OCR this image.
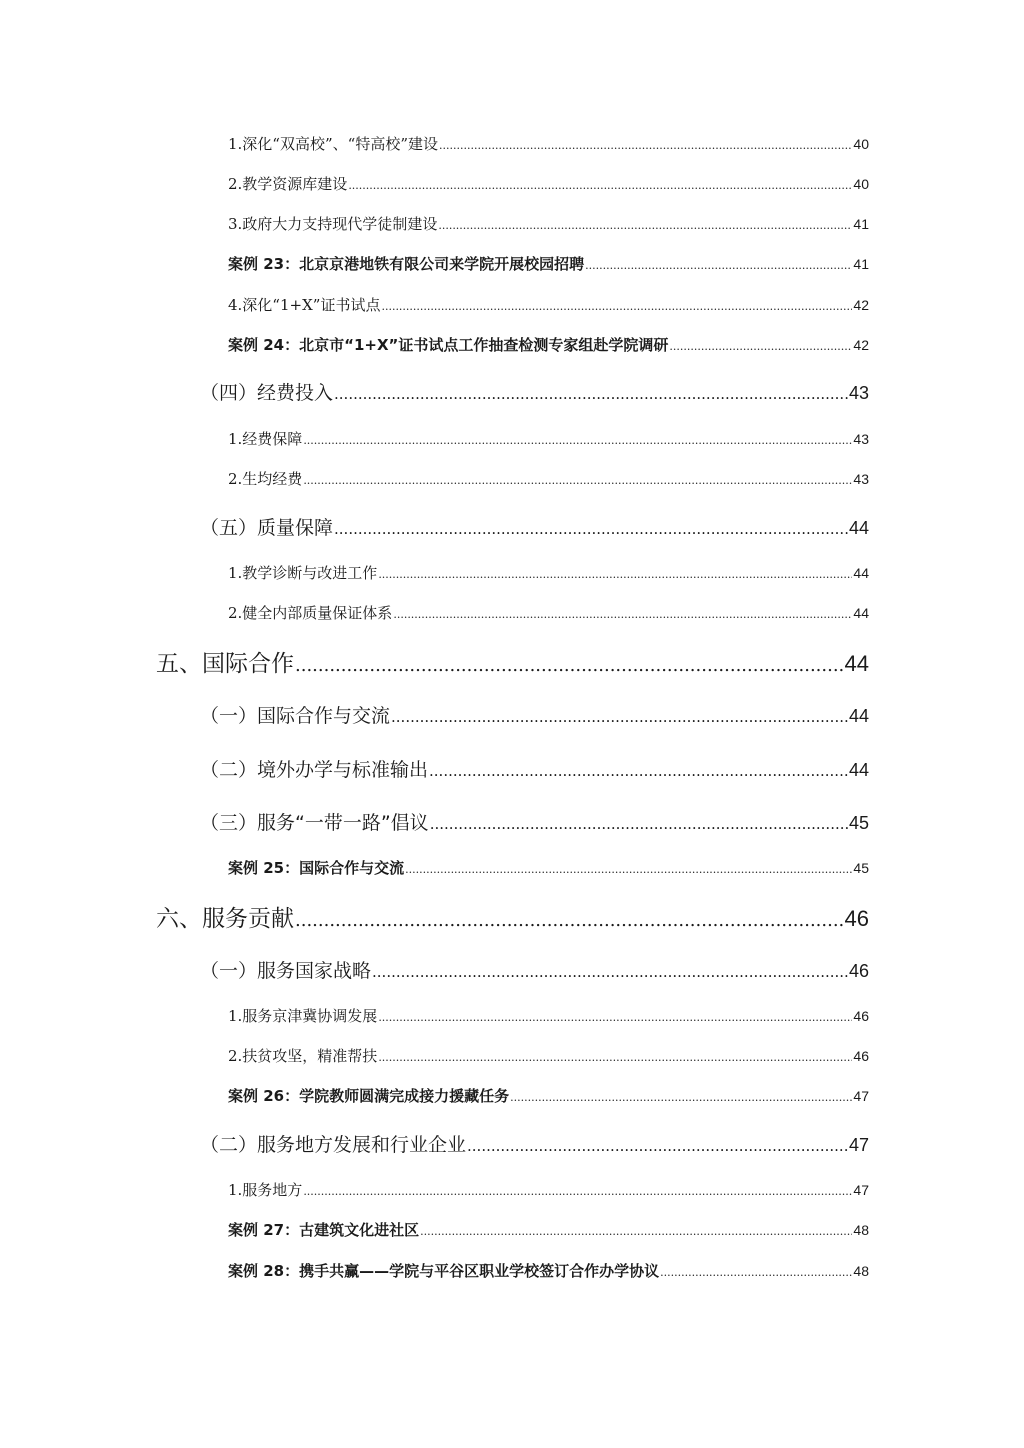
1.深化“双高校”、“特高校”建设 .....	40
2.教学资源库建设 .....	40
3.政府大力支持现代学徒制建设 .....	41
案例 23：北京京港地铁有限公司来学院开展校园招聘 .....	41
4.深化“1+X”证书试点 .....	42
案例 24：北京市“1+X”证书试点工作抽查检测专家组赴学院调研 .....	42
（四）经费投入 .....	43
1.经费保障 .....	43
2.生均经费 .....	43
（五）质量保障 .....	44
1.教学诊断与改进工作 .....	44
2.健全内部质量保证体系 .....	44
五、国际合作 .....	44
（一）国际合作与交流 .....	44
（二）境外办学与标准输出 .....	44
（三）服务“一带一路”倡议 .....	45
案例 25：国际合作与交流 .....	45
六、服务贡献 .....	46
（一）服务国家战略 .....	46
1.服务京津冀协调发展 .....	46
2.扶贫攻坚，精准帮扶 .....	46
案例 26：学院教师圆满完成接力援藏任务 .....	47
（二）服务地方发展和行业企业 .....	47
1.服务地方 .....	47
案例 27：古建筑文化进社区 .....	48
案例 28：携手共赢——学院与平谷区职业学校签订合作办学协议 .....	48
